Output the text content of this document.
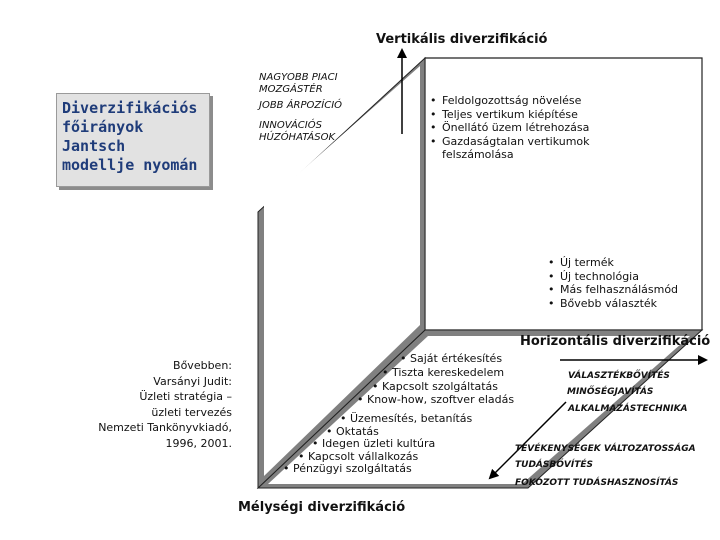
Diverzifikációs főirányok Jantsch modellje nyomán
Vertikális diverzifikáció
Horizontális diverzifikáció
Mélységi diverzifikáció
NAGYOBB PIACI MOZGÁSTÉR
JOBB ÁRPOZÍCIÓ
INNOVÁCIÓS HÚZÓHATÁSOK
• Feldolgozottság növelése
• Teljes vertikum kiépítése
• Önellátó üzem létrehozása
• Gazdaságtalan vertikumok felszámolása
• Új termék
• Új technológia
• Más felhasználásmód
• Bővebb választék
• Saját értékesítés
• Tiszta kereskedelem
• Kapcsolt szolgáltatás
• Know-how, szoftver eladás
• Üzemesítés, betanítás
• Oktatás
• Idegen üzleti kultúra
• Kapcsolt vállalkozás
• Pénzügyi szolgáltatás
VÁLASZTÉKBŐVÍTÉS
MINŐSÉGJAVÍTÁS
ALKALMAZÁSTECHNIKA
TEVÉKENYSÉGEK VÁLTOZATOSSÁGA
TUDÁSBŐVÍTÉS
FOKOZOTT TUDÁSHASZNOSÍTÁS
Bővebben:
Varsányi Judit:
Üzleti stratégia –
üzleti tervezés
Nemzeti Tankönyvkiadó,
1996, 2001.
